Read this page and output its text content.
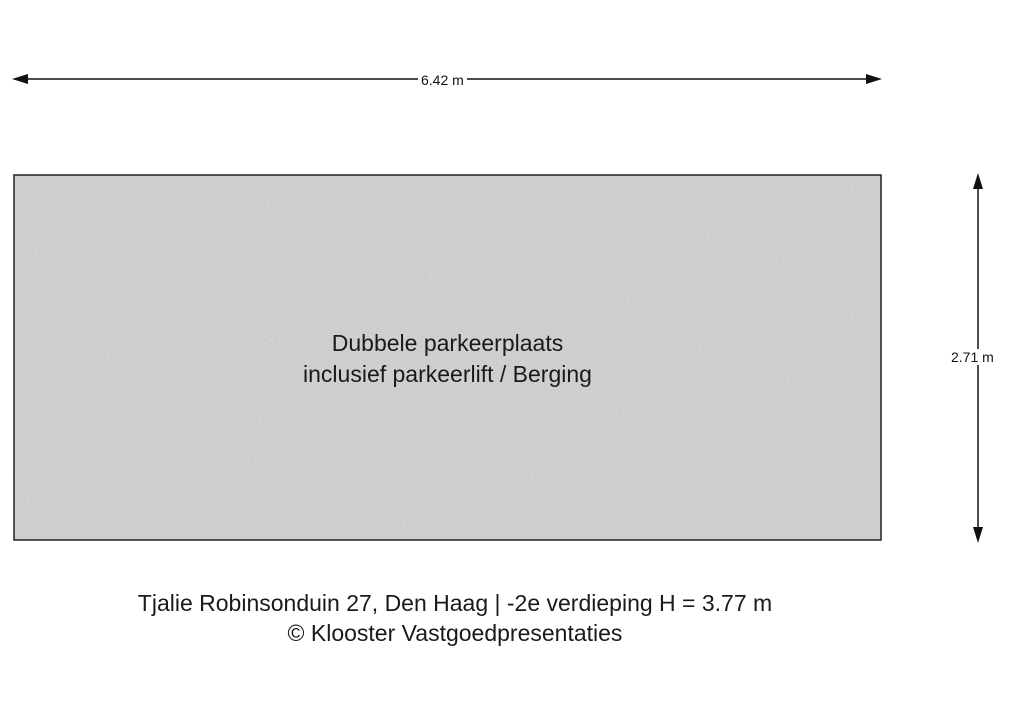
6.42 m
2.71 m
Dubbele parkeerplaats
inclusief parkeerlift / Berging
Tjalie Robinsonduin 27, Den Haag | -2e verdieping H = 3.77 m
© Klooster Vastgoedpresentaties
